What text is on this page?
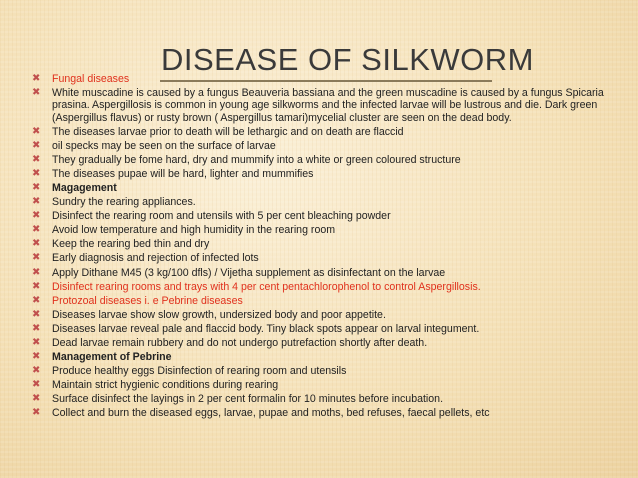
DISEASE OF SILKWORM
✖ Fungal diseases
✖ White muscadine is caused by a fungus Beauveria bassiana and the green muscadine is caused by a fungus Spicaria prasina. Aspergillosis is common in young age silkworms and the infected larvae will be lustrous and die. Dark green (Aspergillus flavus) or rusty brown ( Aspergillus tamari)mycelial cluster are seen on the dead body.
✖ The diseases larvae prior to death will be lethargic and on death are flaccid
✖ oil specks may be seen on the surface of larvae
✖ They gradually be fome hard, dry and mummify into a white or green coloured structure
✖ The diseases pupae will be hard, lighter and mummifies
✖ Magagement
✖ Sundry the rearing appliances.
✖ Disinfect the rearing room and utensils with 5 per cent bleaching powder
✖ Avoid low temperature and high humidity in the rearing room
✖ Keep the rearing bed thin and dry
✖ Early diagnosis and rejection of infected lots
✖ Apply Dithane M45 (3 kg/100 dfls) / Vijetha supplement as disinfectant on the larvae
✖ Disinfect rearing rooms and trays with 4 per cent pentachlorophenol to control Aspergillosis.
✖ Protozoal diseases i. e Pebrine diseases
✖ Diseases larvae show slow growth, undersized body and poor appetite.
✖ Diseases larvae reveal pale and flaccid body. Tiny black spots appear on larval integument.
✖ Dead larvae remain rubbery and do not undergo putrefaction shortly after death.
✖ Management of Pebrine
✖ Produce healthy eggs Disinfection of rearing room and utensils
✖ Maintain strict hygienic conditions during rearing
✖ Surface disinfect the layings in 2 per cent formalin for 10 minutes before incubation.
✖ Collect and burn the diseased eggs, larvae, pupae and moths, bed refuses, faecal pellets, etc
